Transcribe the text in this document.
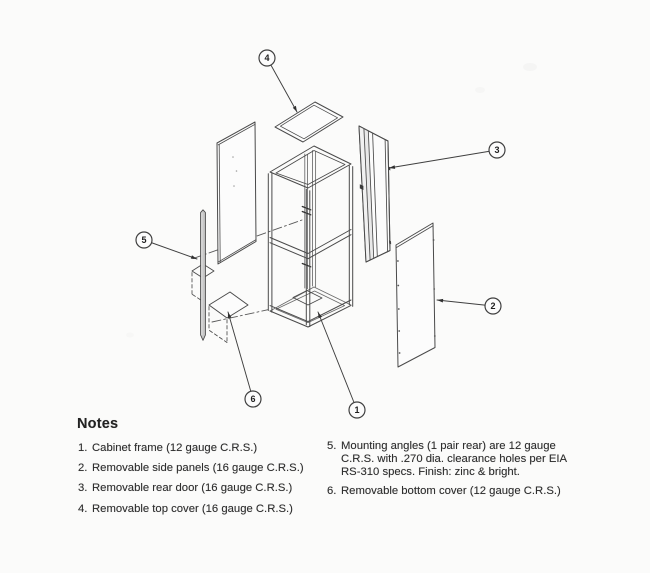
1
2
3
4
5
6
Notes
1. Cabinet frame (12 gauge C.R.S.)
2. Removable side panels (16 gauge C.R.S.)
3. Removable rear door (16 gauge C.R.S.)
4. Removable top cover (16 gauge C.R.S.)
5. Mounting angles (1 pair rear) are 12 gauge
C.R.S. with .270 dia. clearance holes per EIA
RS-310 specs. Finish: zinc & bright.
6. Removable bottom cover (12 gauge C.R.S.)
